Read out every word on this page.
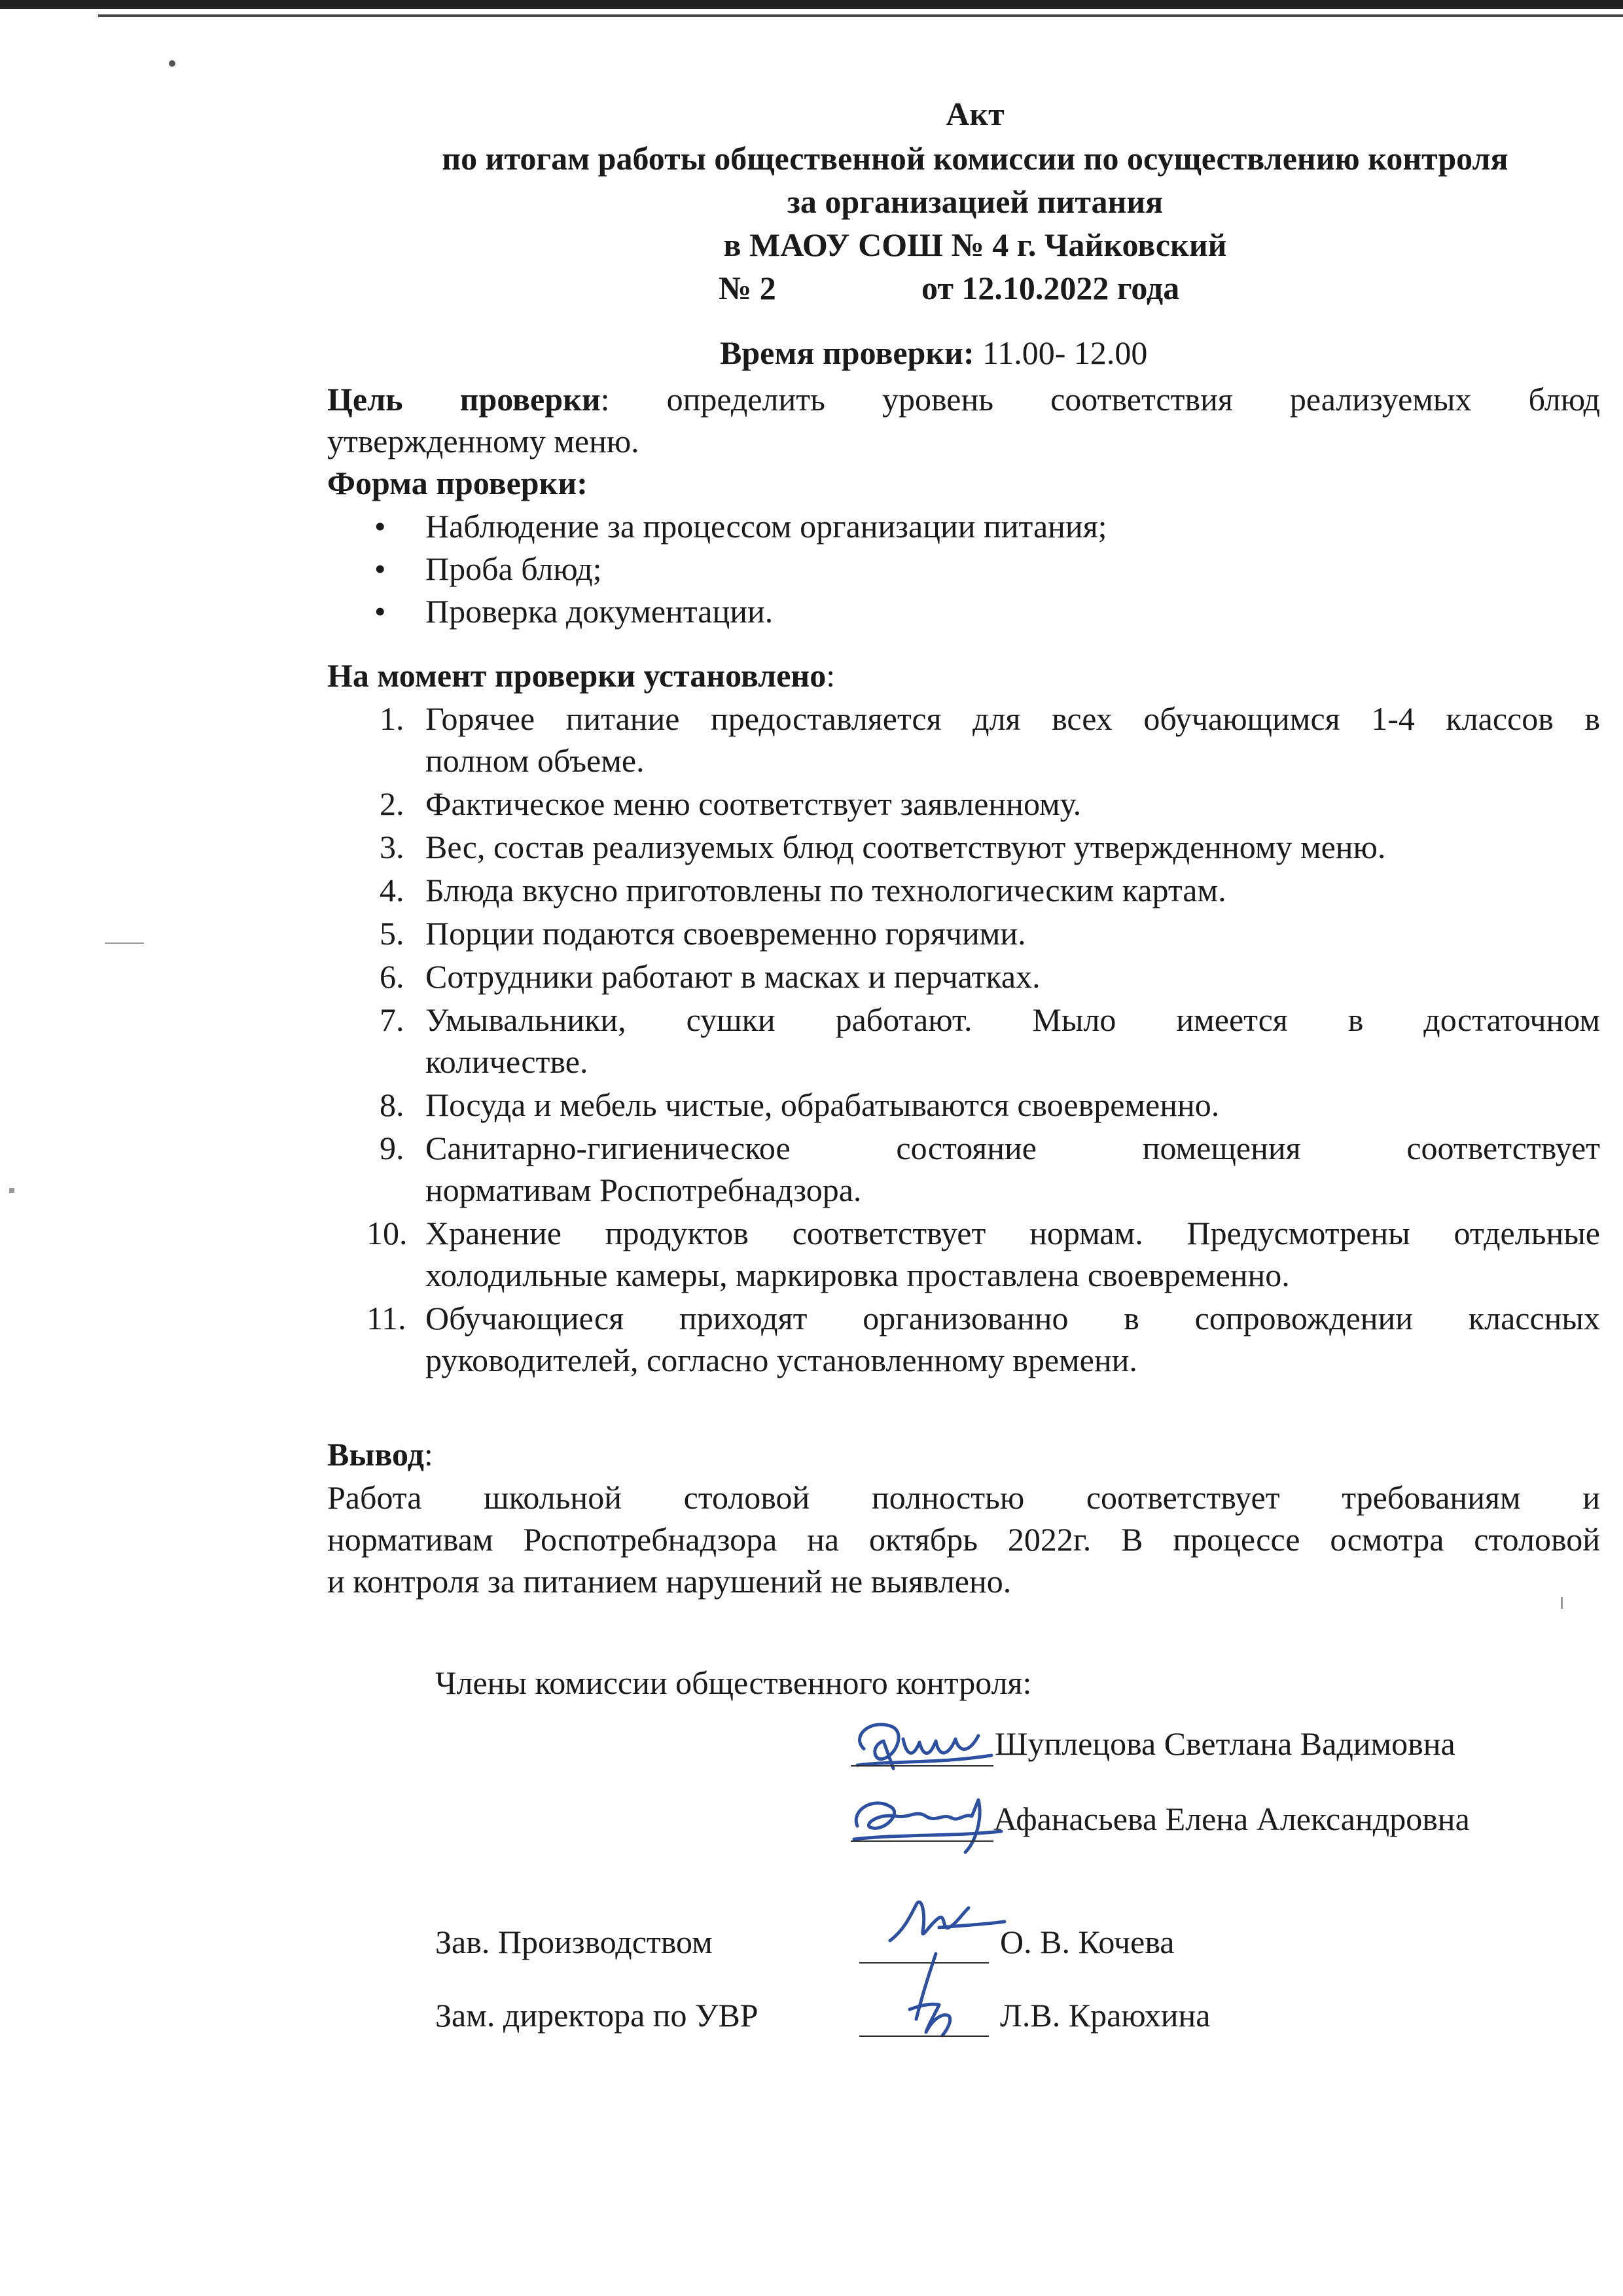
Акт
по итогам работы общественной комиссии по осуществлению контроля
за организацией питания
в МАОУ СОШ № 4 г. Чайковский
№ 2	от 12.10.2022 года
Время проверки: 11.00- 12.00
Цель проверки: определить уровень соответствия реализуемых блюд
утвержденному меню.
Форма проверки:
• Наблюдение за процессом организации питания;
• Проба блюд;
• Проверка документации.
На момент проверки установлено:
1. Горячее питание предоставляется для всех обучающимся 1-4 классов в
полном объеме.
2. Фактическое меню соответствует заявленному.
3. Вес, состав реализуемых блюд соответствуют утвержденному меню.
4. Блюда вкусно приготовлены по технологическим картам.
5. Порции подаются своевременно горячими.
6. Сотрудники работают в масках и перчатках.
7. Умывальники, сушки работают. Мыло имеется в достаточном
количестве.
8. Посуда и мебель чистые, обрабатываются своевременно.
9. Санитарно-гигиеническое состояние помещения соответствует
нормативам Роспотребнадзора.
10. Хранение продуктов соответствует нормам. Предусмотрены отдельные
холодильные камеры, маркировка проставлена своевременно.
11. Обучающиеся приходят организованно в сопровождении классных
руководителей, согласно установленному времени.
Вывод:
Работа школьной столовой полностью соответствует требованиям и
нормативам Роспотребнадзора на октябрь 2022г. В процессе осмотра столовой
и контроля за питанием нарушений не выявлено.
Члены комиссии общественного контроля:
Шуплецова Светлана Вадимовна
Афанасьева Елена Александровна
Зав. Производством	О. В. Кочева
Зам. директора по УВР	Л.В. Краюхина
